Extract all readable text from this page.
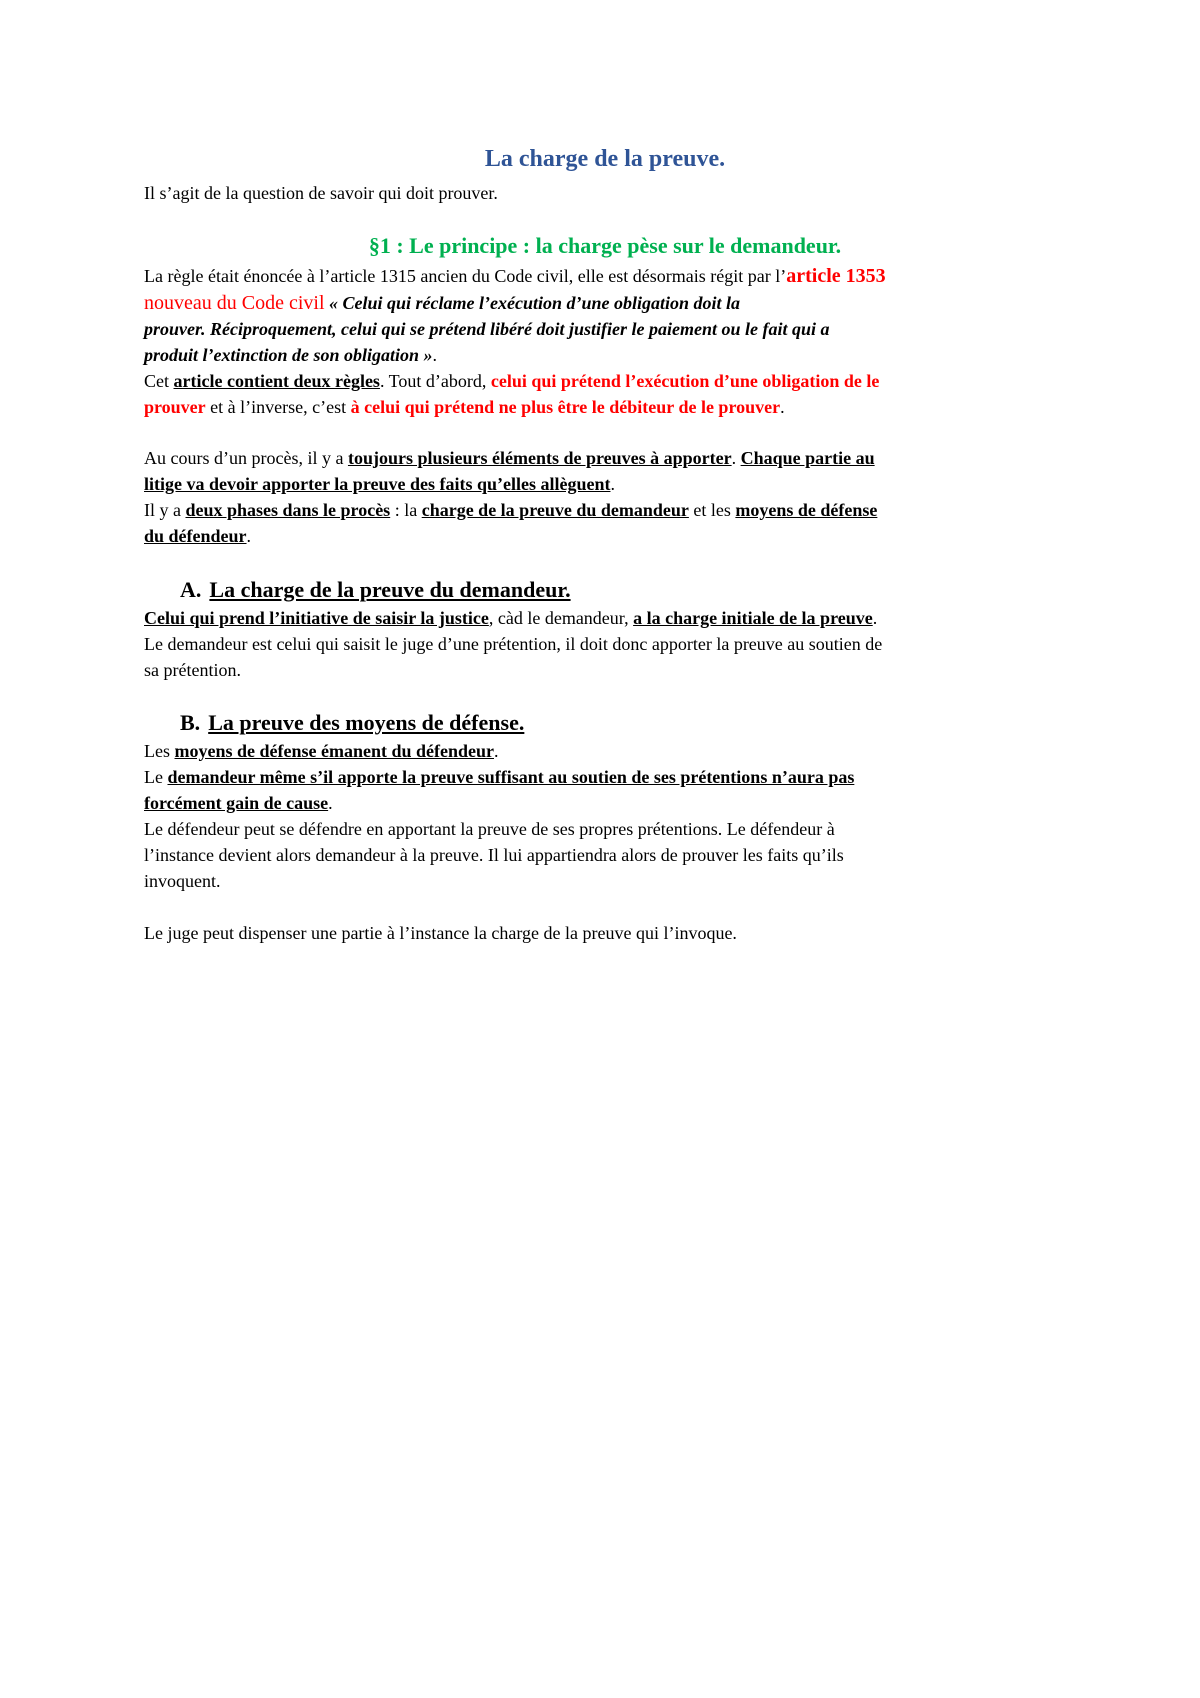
La charge de la preuve.

Il s’agit de la question de savoir qui doit prouver.

§1 : Le principe : la charge pèse sur le demandeur.

La règle était énoncée à l’article 1315 ancien du Code civil, elle est désormais régit par l’article 1353

nouveau du Code civil « Celui qui réclame l’exécution d’une obligation doit la

prouver. Réciproquement, celui qui se prétend libéré doit justifier le paiement ou le fait qui a

produit l’extinction de son obligation ».

Cet article contient deux règles. Tout d’abord, celui qui prétend l’exécution d’une obligation de le

prouver et à l’inverse, c’est à celui qui prétend ne plus être le débiteur de le prouver.

Au cours d’un procès, il y a toujours plusieurs éléments de preuves à apporter. Chaque partie au

litige va devoir apporter la preuve des faits qu’elles allèguent.

Il y a deux phases dans le procès : la charge de la preuve du demandeur et les moyens de défense

du défendeur.

A. La charge de la preuve du demandeur.

Celui qui prend l’initiative de saisir la justice, càd le demandeur, a la charge initiale de la preuve.

Le demandeur est celui qui saisit le juge d’une prétention, il doit donc apporter la preuve au soutien de

sa prétention.

B. La preuve des moyens de défense.

Les moyens de défense émanent du défendeur.

Le demandeur même s’il apporte la preuve suffisant au soutien de ses prétentions n’aura pas

forcément gain de cause.

Le défendeur peut se défendre en apportant la preuve de ses propres prétentions. Le défendeur à

l’instance devient alors demandeur à la preuve. Il lui appartiendra alors de prouver les faits qu’ils

invoquent.

Le juge peut dispenser une partie à l’instance la charge de la preuve qui l’invoque.
